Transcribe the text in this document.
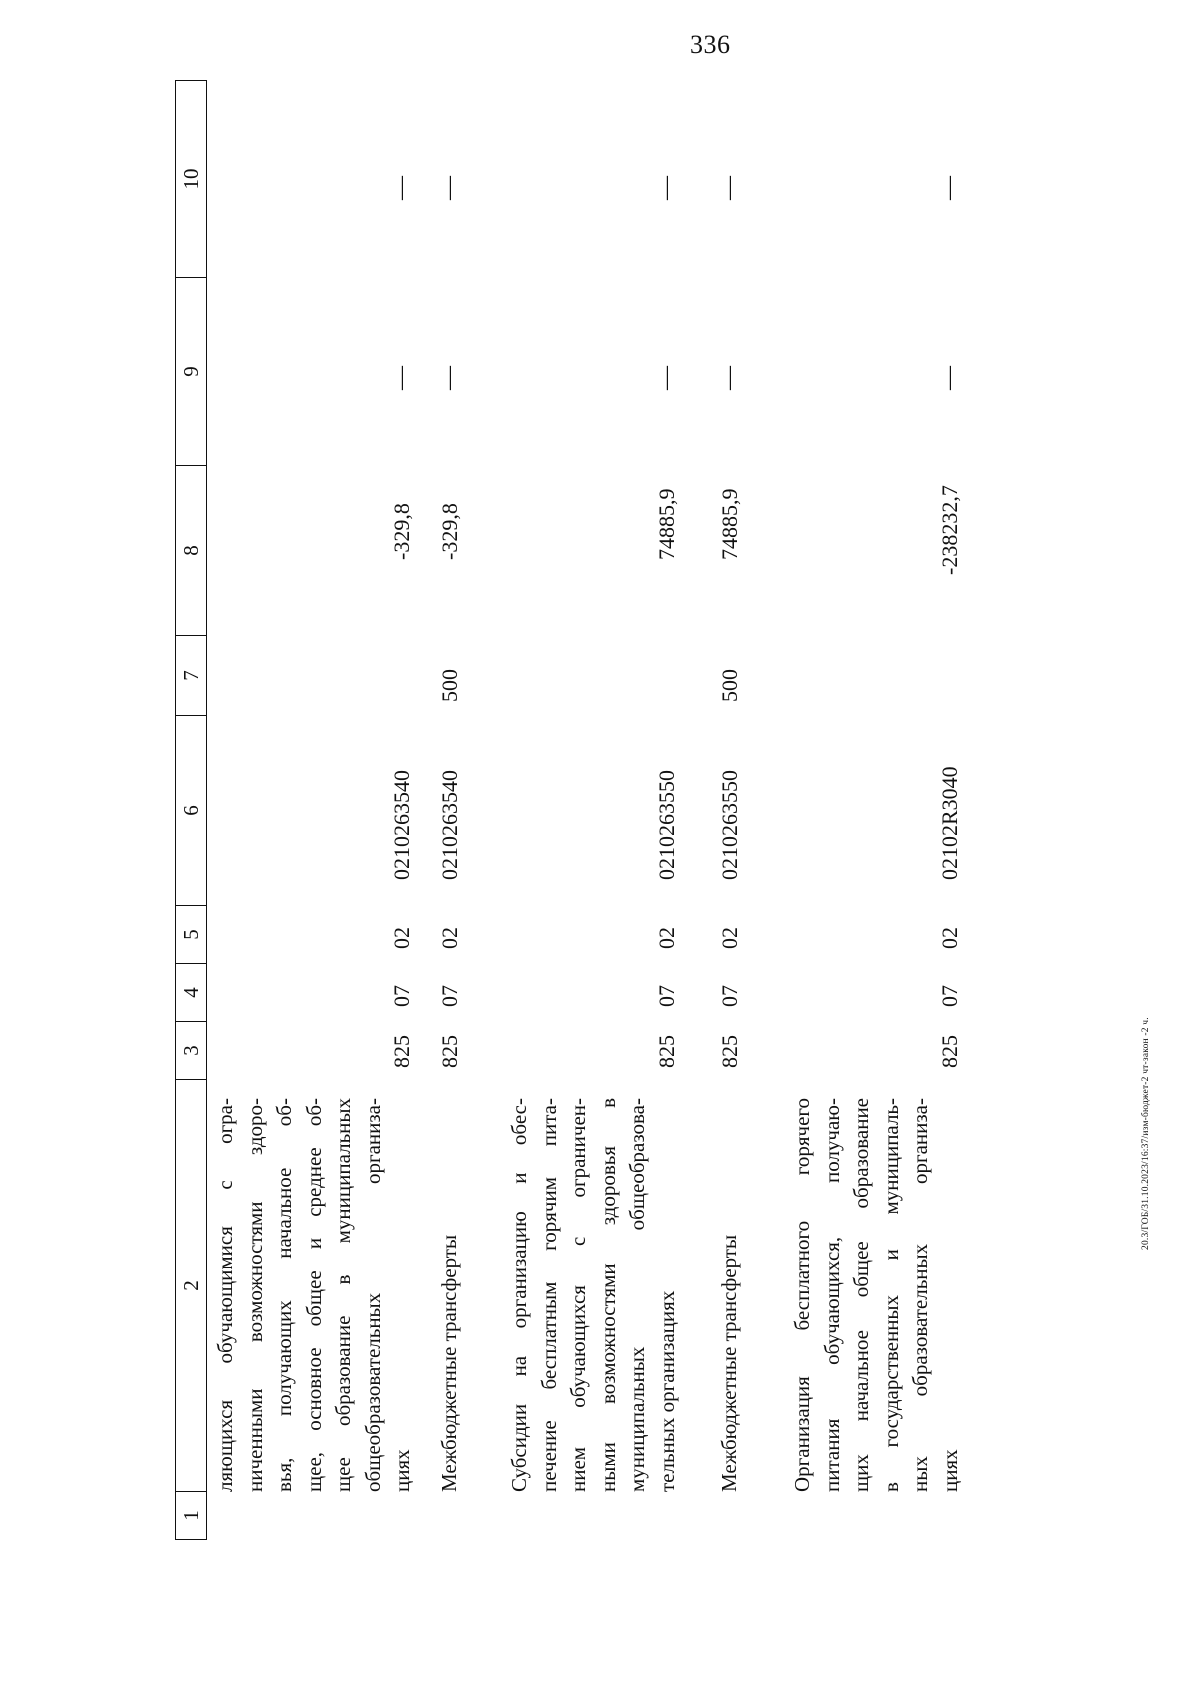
336
1
2
3
4
5
6
7
8
9
10
ляющихся обучающимися с огра- ниченными возможностями здоро- вья, получающих начальное об- щее, основное общее и среднее об- щее образование в муниципальных общеобразовательных организа- циях
825
07
02
0210263540
-329,8
—
—
Межбюджетные трансферты
825
07
02
0210263540
500
-329,8
—
—
Субсидии на организацию и обес- печение бесплатным горячим пита- нием обучающихся с ограничен- ными возможностями здоровья в муниципальных общеобразова- тельных организациях
825
07
02
0210263550
74885,9
—
—
Межбюджетные трансферты
825
07
02
0210263550
500
74885,9
—
—
Организация бесплатного горячего питания обучающихся, получаю- щих начальное общее образование в государственных и муниципаль- ных образовательных организа- циях
825
07
02
02102R3040
-238232,7
—
—
20.3/ГОБ/31.10.2023/16:37/изм-бюджет-2 чт-закон -2 ч.
